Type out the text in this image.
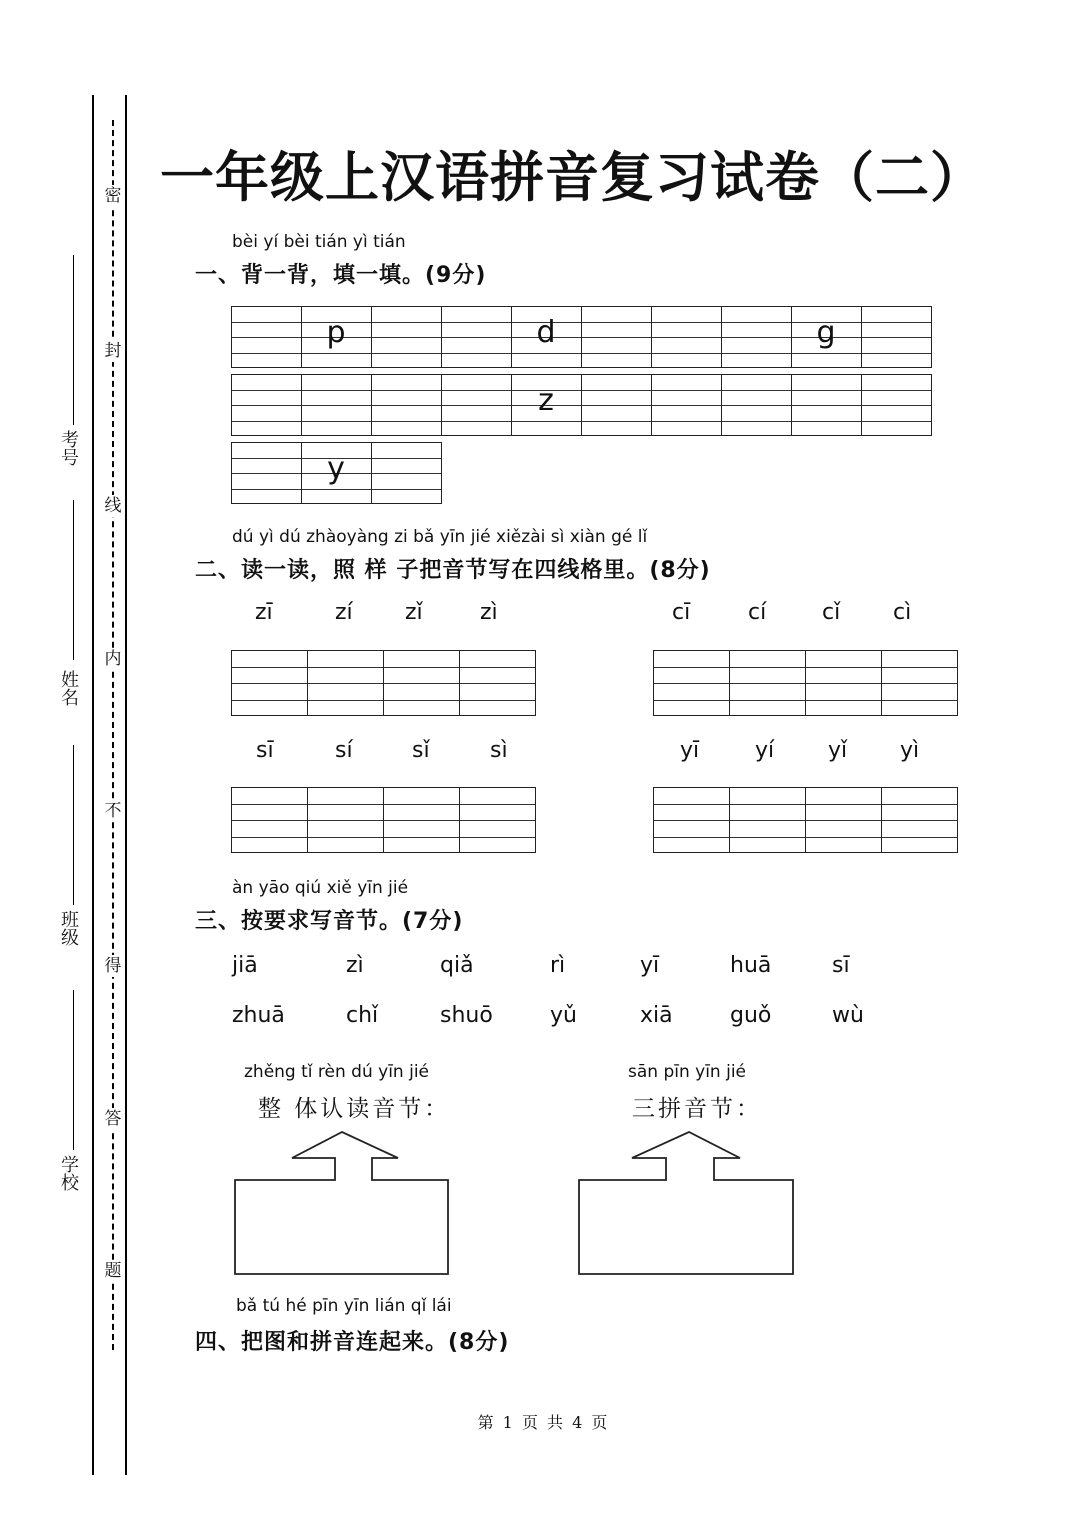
密
封
线
内
不
得
答
题
考号
姓名
班级
学校
一年级上汉语拼音复习试卷（二）
bèi yí bèi tián yì tián
一、背一背，填一填。(9分)
p	d	g
z
y
dú yì dú zhàoyàng zi bǎ yīn jié xiězài sì xiàn gé lǐ
二、读一读，照 样 子把音节写在四线格里。(8分)
zī	zí zǐ	zì	cī	cí	cǐ cì
sī	sí	sǐ	sì	yī	yí yǐ yì
àn yāo qiú xiě yīn jié
三、按要求写音节。(7分)
jiā	zì	qiǎ	rì	yī	huā	sī
zhuā	chǐ	shuō	yǔ	xiā	guǒ	wù
zhěng tǐ rèn dú yīn jié
整 体认读音节：
sān pīn yīn jié
三拼音节：
bǎ tú hé pīn yīn lián qǐ lái
四、把图和拼音连起来。(8分)
第 1 页 共 4 页
